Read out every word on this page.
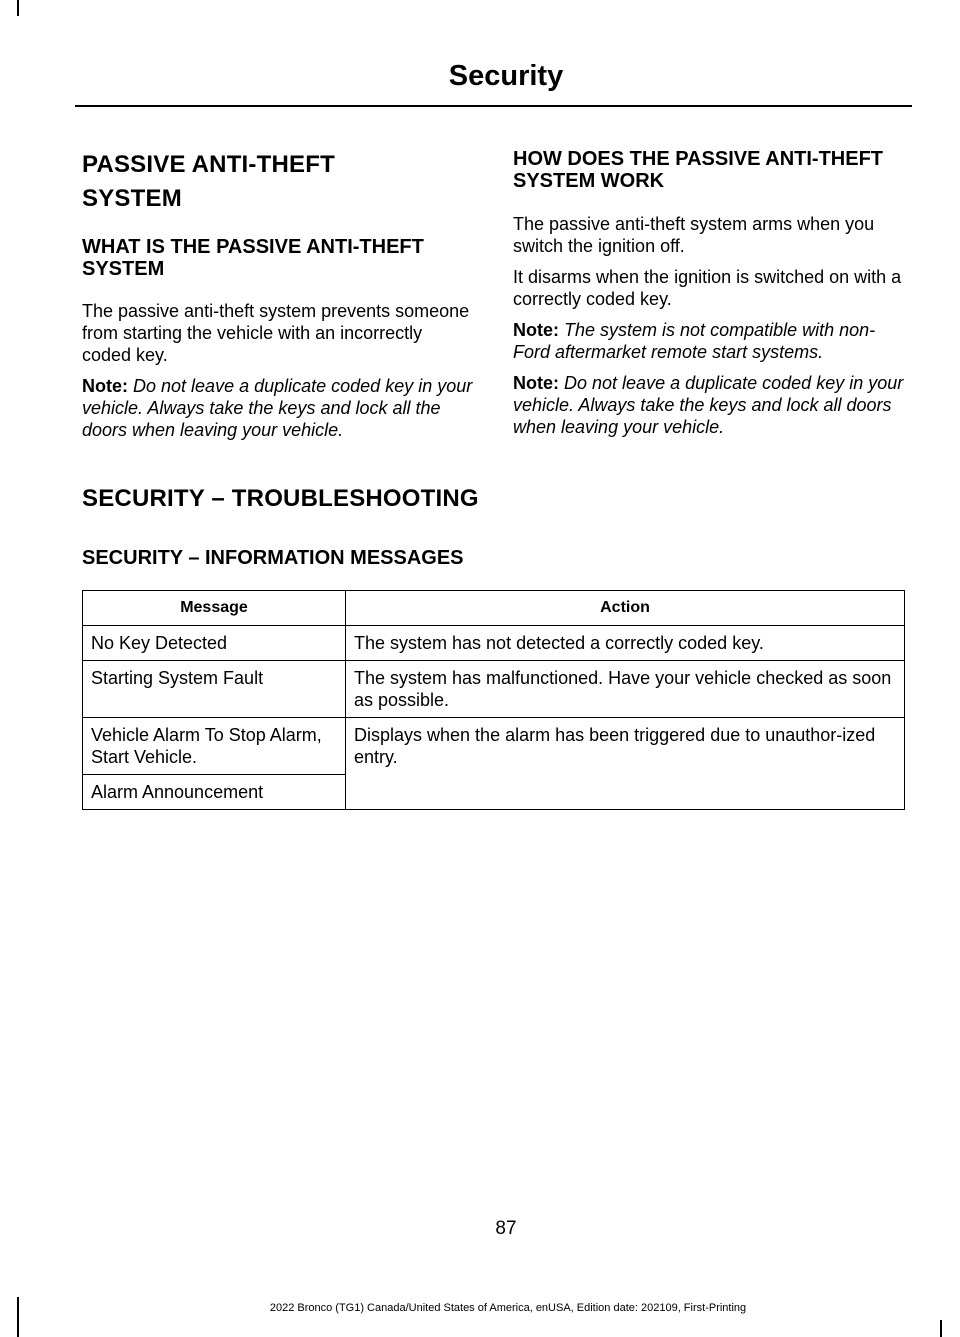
Security
PASSIVE ANTI-THEFT
SYSTEM
WHAT IS THE PASSIVE ANTI-THEFT SYSTEM

The passive anti-theft system prevents someone from starting the vehicle with an incorrectly coded key.

Note: Do not leave a duplicate coded key in your vehicle. Always take the keys and lock all the doors when leaving your vehicle.

HOW DOES THE PASSIVE ANTI-THEFT SYSTEM WORK

The passive anti-theft system arms when you switch the ignition off.

It disarms when the ignition is switched on with a correctly coded key.

Note: The system is not compatible with non-Ford aftermarket remote start systems.

Note: Do not leave a duplicate coded key in your vehicle. Always take the keys and lock all doors when leaving your vehicle.

SECURITY – TROUBLESHOOTING
SECURITY – INFORMATION MESSAGES
Message	Action
No Key Detected	The system has not detected a correctly coded key.
Starting System Fault	The system has malfunctioned. Have your vehicle checked as soon as possible.
Vehicle Alarm To Stop Alarm, Start Vehicle.	Displays when the alarm has been triggered due to unauthor-ized entry.
Alarm Announcement	
87
2022 Bronco (TG1) Canada/United States of America, enUSA, Edition date: 202109, First-Printing
